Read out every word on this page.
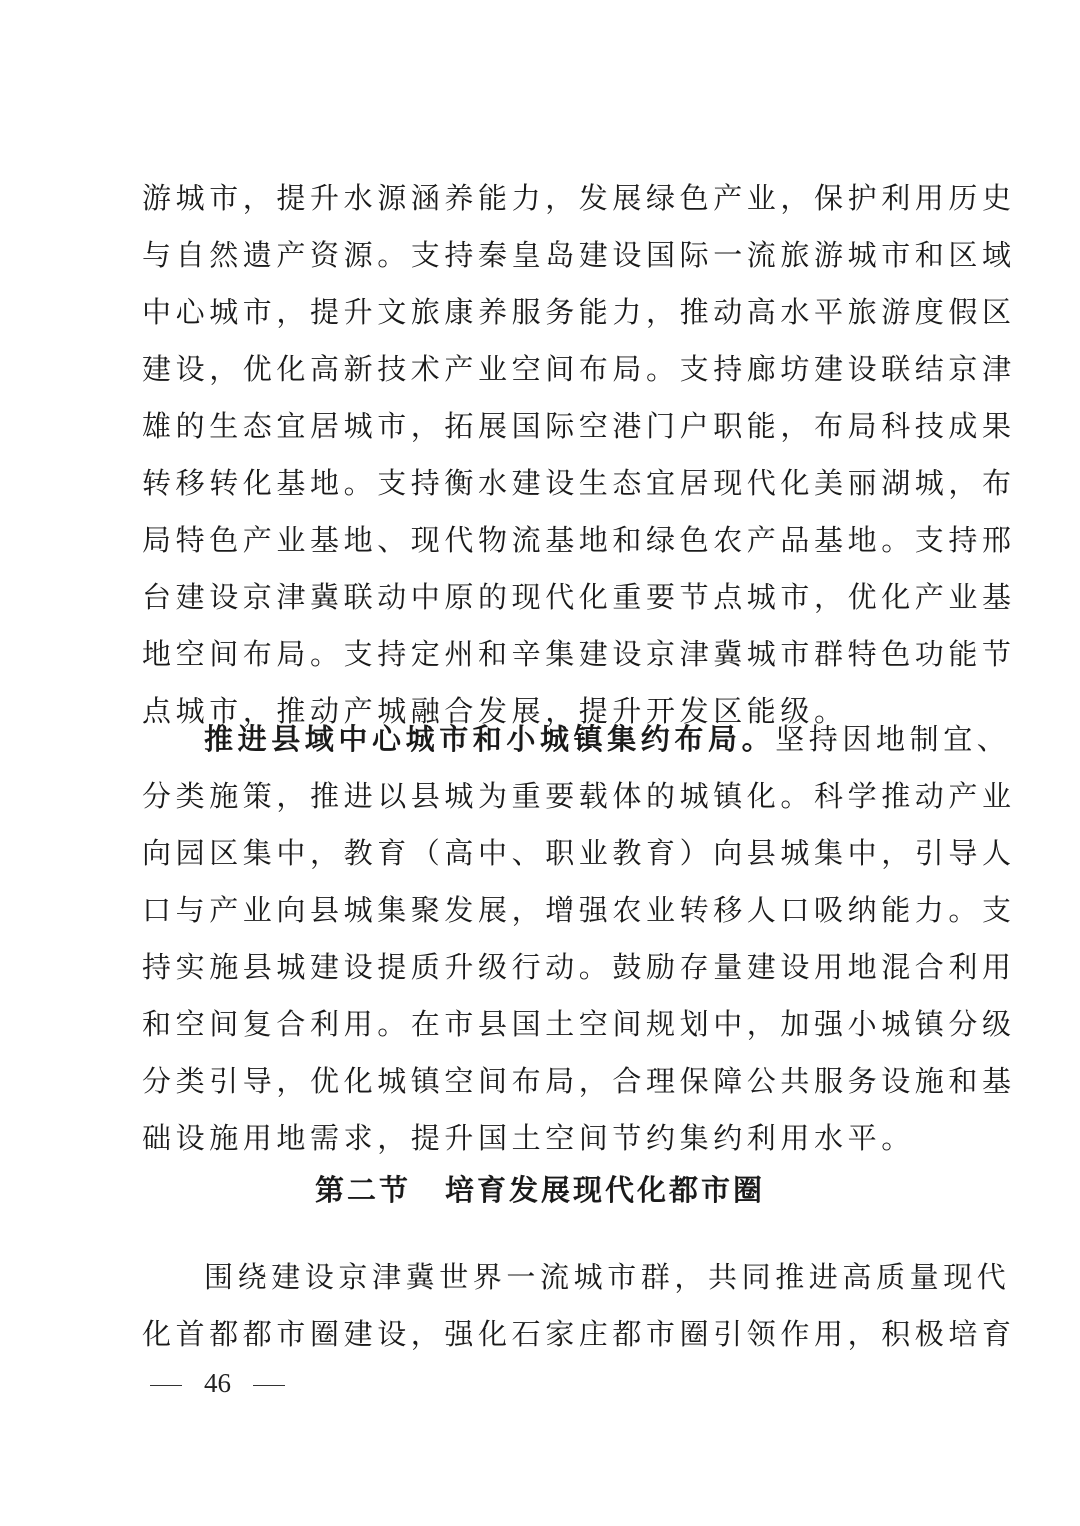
游城市，提升水源涵养能力，发展绿色产业，保护利用历史
与自然遗产资源。支持秦皇岛建设国际一流旅游城市和区域
中心城市，提升文旅康养服务能力，推动高水平旅游度假区
建设，优化高新技术产业空间布局。支持廊坊建设联结京津
雄的生态宜居城市，拓展国际空港门户职能，布局科技成果
转移转化基地。支持衡水建设生态宜居现代化美丽湖城，布
局特色产业基地、现代物流基地和绿色农产品基地。支持邢
台建设京津冀联动中原的现代化重要节点城市，优化产业基
地空间布局。支持定州和辛集建设京津冀城市群特色功能节
点城市，推动产城融合发展，提升开发区能级。
推进县域中心城市和小城镇集约布局。坚持因地制宜、
分类施策，推进以县城为重要载体的城镇化。科学推动产业
向园区集中，教育（高中、职业教育）向县城集中，引导人
口与产业向县城集聚发展，增强农业转移人口吸纳能力。支
持实施县城建设提质升级行动。鼓励存量建设用地混合利用
和空间复合利用。在市县国土空间规划中，加强小城镇分级
分类引导，优化城镇空间布局，合理保障公共服务设施和基
础设施用地需求，提升国土空间节约集约利用水平。
第二节 培育发展现代化都市圈
围绕建设京津冀世界一流城市群，共同推进高质量现代
化首都都市圈建设，强化石家庄都市圈引领作用，积极培育
46
